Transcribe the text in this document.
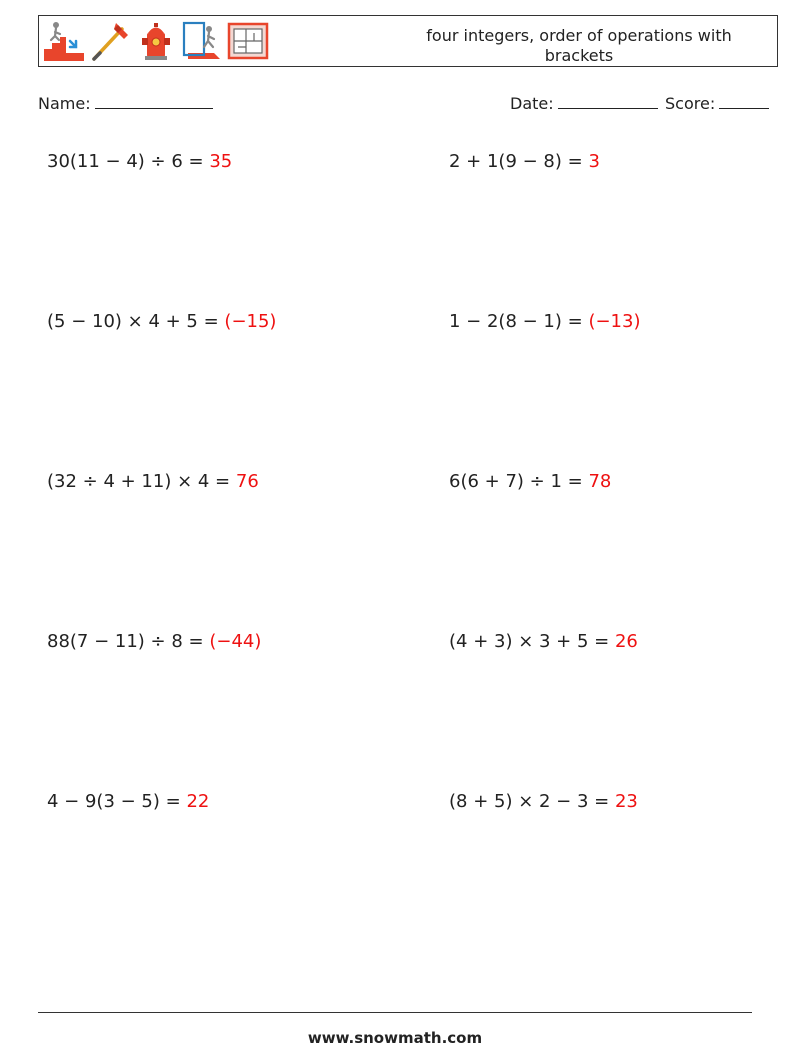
four integers, order of operations with brackets
Name:	Date:	Score:
30(11 − 4) ÷ 6 = 35	2 + 1(9 − 8) = 3
(5 − 10) × 4 + 5 = (−15)	1 − 2(8 − 1) = (−13)
(32 ÷ 4 + 11) × 4 = 76	6(6 + 7) ÷ 1 = 78
88(7 − 11) ÷ 8 = (−44)	(4 + 3) × 3 + 5 = 26
4 − 9(3 − 5) = 22	(8 + 5) × 2 − 3 = 23
www.snowmath.com
